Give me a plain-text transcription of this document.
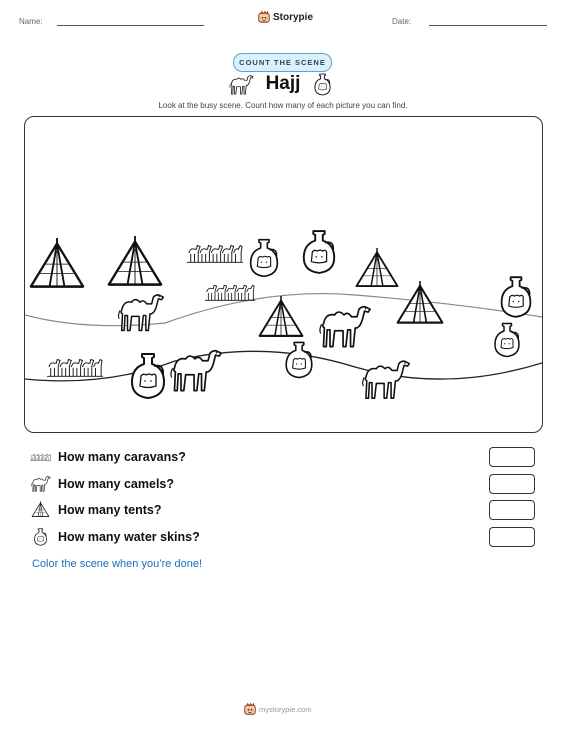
Name:	Storypie	Date:
COUNT THE SCENE
Hajj
Look at the busy scene. Count how many of each picture you can find.
How many caravans?
How many camels?
How many tents?
How many water skins?
Color the scene when you’re done!
mystorypie.com
